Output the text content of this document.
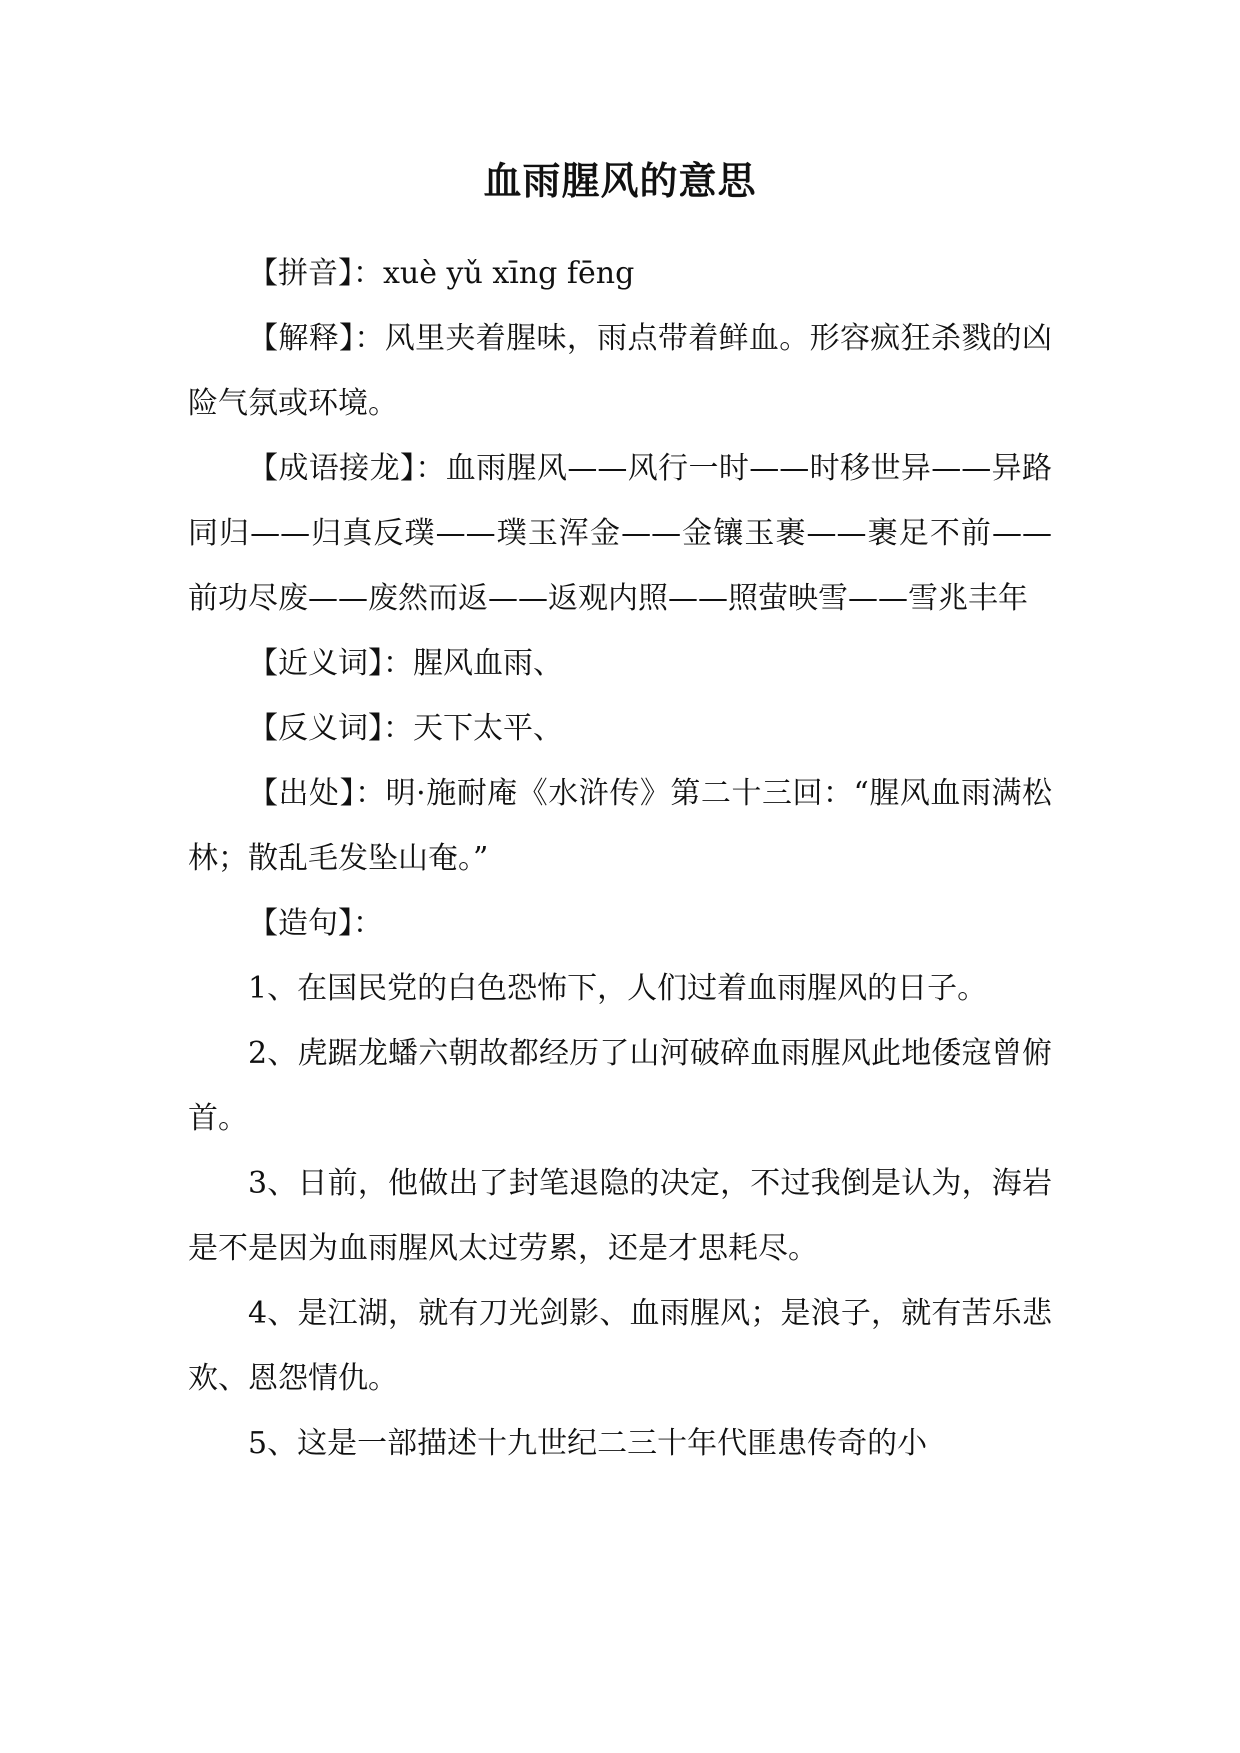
血雨腥风的意思

【拼音】：xuè yǔ xīng fēng

【解释】：风里夹着腥味，雨点带着鲜血。形容疯狂杀戮的凶险气氛或环境。

【成语接龙】：血雨腥风——风行一时——时移世异——异路同归——归真反璞——璞玉浑金——金镶玉裹——裹足不前——前功尽废——废然而返——返观内照——照萤映雪——雪兆丰年

【近义词】：腥风血雨、

【反义词】：天下太平、

【出处】：明·施耐庵《水浒传》第二十三回：“腥风血雨满松林；散乱毛发坠山奄。”

【造句】：

1、在国民党的白色恐怖下，人们过着血雨腥风的日子。

2、虎踞龙蟠六朝故都经历了山河破碎血雨腥风此地倭寇曾俯首。

3、日前，他做出了封笔退隐的决定，不过我倒是认为，海岩是不是因为血雨腥风太过劳累，还是才思耗尽。

4、是江湖，就有刀光剑影、血雨腥风；是浪子，就有苦乐悲欢、恩怨情仇。

5、这是一部描述十九世纪二三十年代匪患传奇的小
